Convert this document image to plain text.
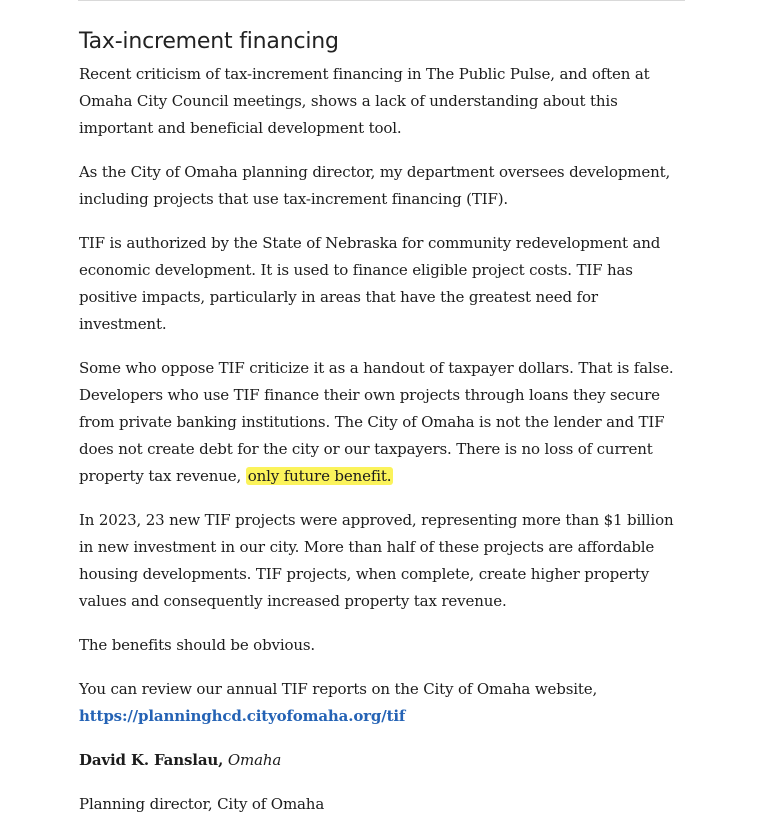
Tax-increment financing

Recent criticism of tax-increment financing in The Public Pulse, and often at Omaha City Council meetings, shows a lack of understanding about this important and beneficial development tool.

As the City of Omaha planning director, my department oversees development, including projects that use tax-increment financing (TIF).

TIF is authorized by the State of Nebraska for community redevelopment and economic development. It is used to finance eligible project costs. TIF has positive impacts, particularly in areas that have the greatest need for investment.

Some who oppose TIF criticize it as a handout of taxpayer dollars. That is false. Developers who use TIF finance their own projects through loans they secure from private banking institutions. The City of Omaha is not the lender and TIF does not create debt for the city or our taxpayers. There is no loss of current property tax revenue, only future benefit.

In 2023, 23 new TIF projects were approved, representing more than $1 billion in new investment in our city. More than half of these projects are affordable housing developments. TIF projects, when complete, create higher property values and consequently increased property tax revenue.

The benefits should be obvious.

You can review our annual TIF reports on the City of Omaha website, https://planninghcd.cityofomaha.org/tif

David K. Fanslau, Omaha

Planning director, City of Omaha
